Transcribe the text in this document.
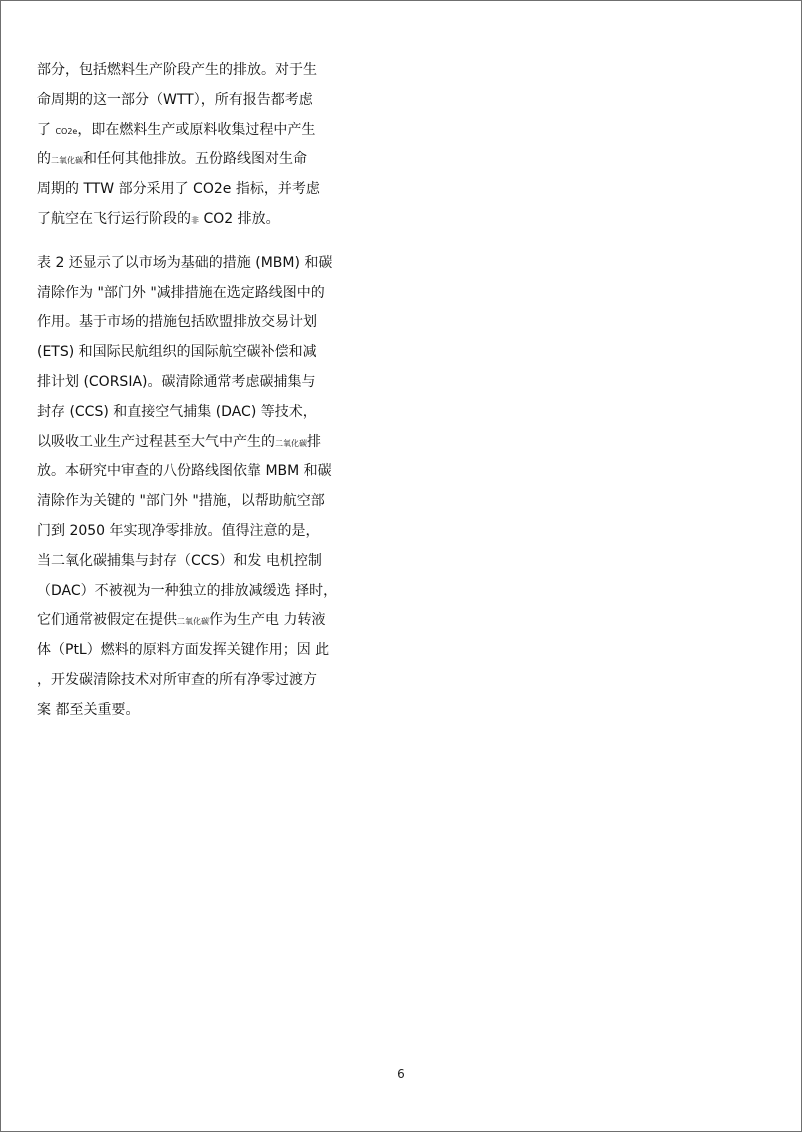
部分，包括燃料生产阶段产生的排放。对于生
命周期的这一部分（WTT），所有报告都考虑
了 CO2e，即在燃料生产或原料收集过程中产生
的二氧化碳和任何其他排放。五份路线图对生命
周期的 TTW 部分采用了 CO2e 指标，并考虑
了航空在飞行运行阶段的非 CO2 排放。
表 2 还显示了以市场为基础的措施 (MBM) 和碳
清除作为 "部门外 "减排措施在选定路线图中的
作用。基于市场的措施包括欧盟排放交易计划
(ETS) 和国际民航组织的国际航空碳补偿和减
排计划 (CORSIA)。碳清除通常考虑碳捕集与
封存 (CCS) 和直接空气捕集 (DAC) 等技术，
以吸收工业生产过程甚至大气中产生的二氧化碳排
放。本研究中审查的八份路线图依靠 MBM 和碳
清除作为关键的 "部门外 "措施，以帮助航空部
门到 2050 年实现净零排放。值得注意的是，
当二氧化碳捕集与封存（CCS）和发 电机控制
（DAC）不被视为一种独立的排放减缓选 择时，
它们通常被假定在提供二氧化碳作为生产电 力转液
体（PtL）燃料的原料方面发挥关键作用；因 此
，开发碳清除技术对所审查的所有净零过渡方
案 都至关重要。
6
